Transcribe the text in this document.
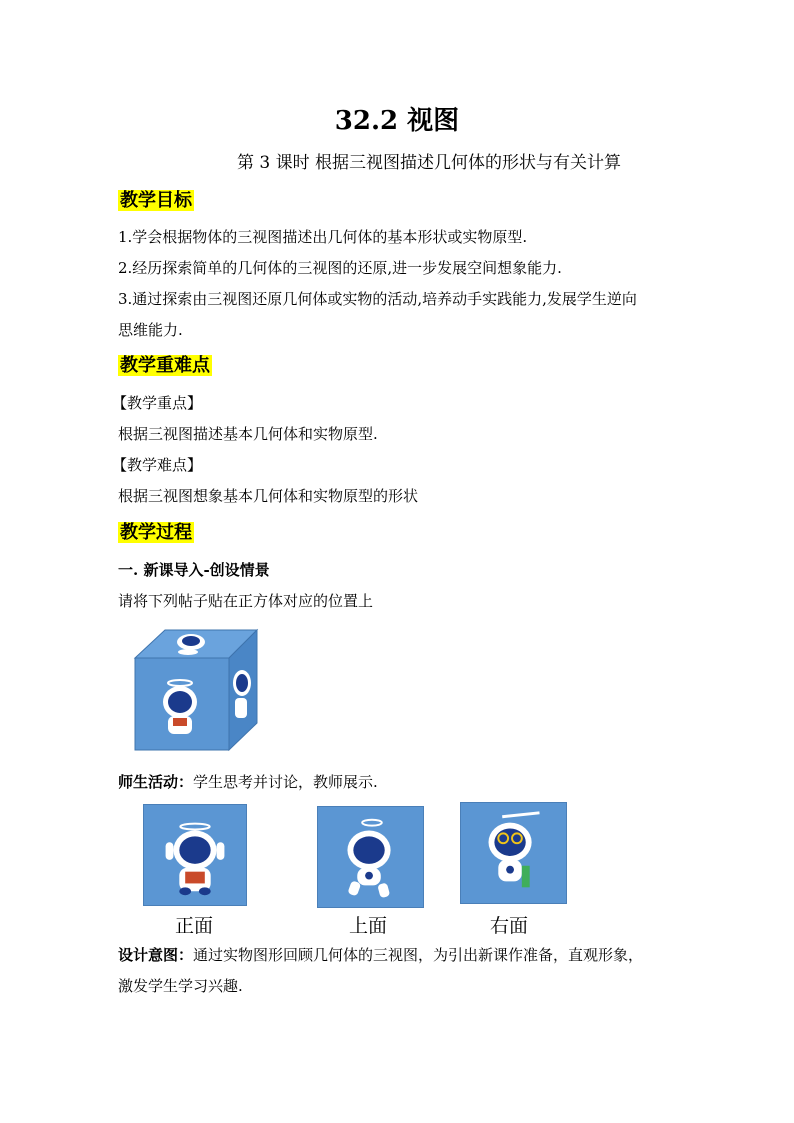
32.2 视图
第 3 课时 根据三视图描述几何体的形状与有关计算
教学目标
1.学会根据物体的三视图描述出几何体的基本形状或实物原型.
2.经历探索简单的几何体的三视图的还原,进一步发展空间想象能力.
3.通过探索由三视图还原几何体或实物的活动,培养动手实践能力,发展学生逆向
思维能力.
教学重难点
【教学重点】
根据三视图描述基本几何体和实物原型.
【教学难点】
根据三视图想象基本几何体和实物原型的形状
教学过程
一. 新课导入-创设情景
请将下列帖子贴在正方体对应的位置上
师生活动：学生思考并讨论，教师展示.
正面	上面	右面
设计意图：通过实物图形回顾几何体的三视图，为引出新课作准备，直观形象，
激发学生学习兴趣.
